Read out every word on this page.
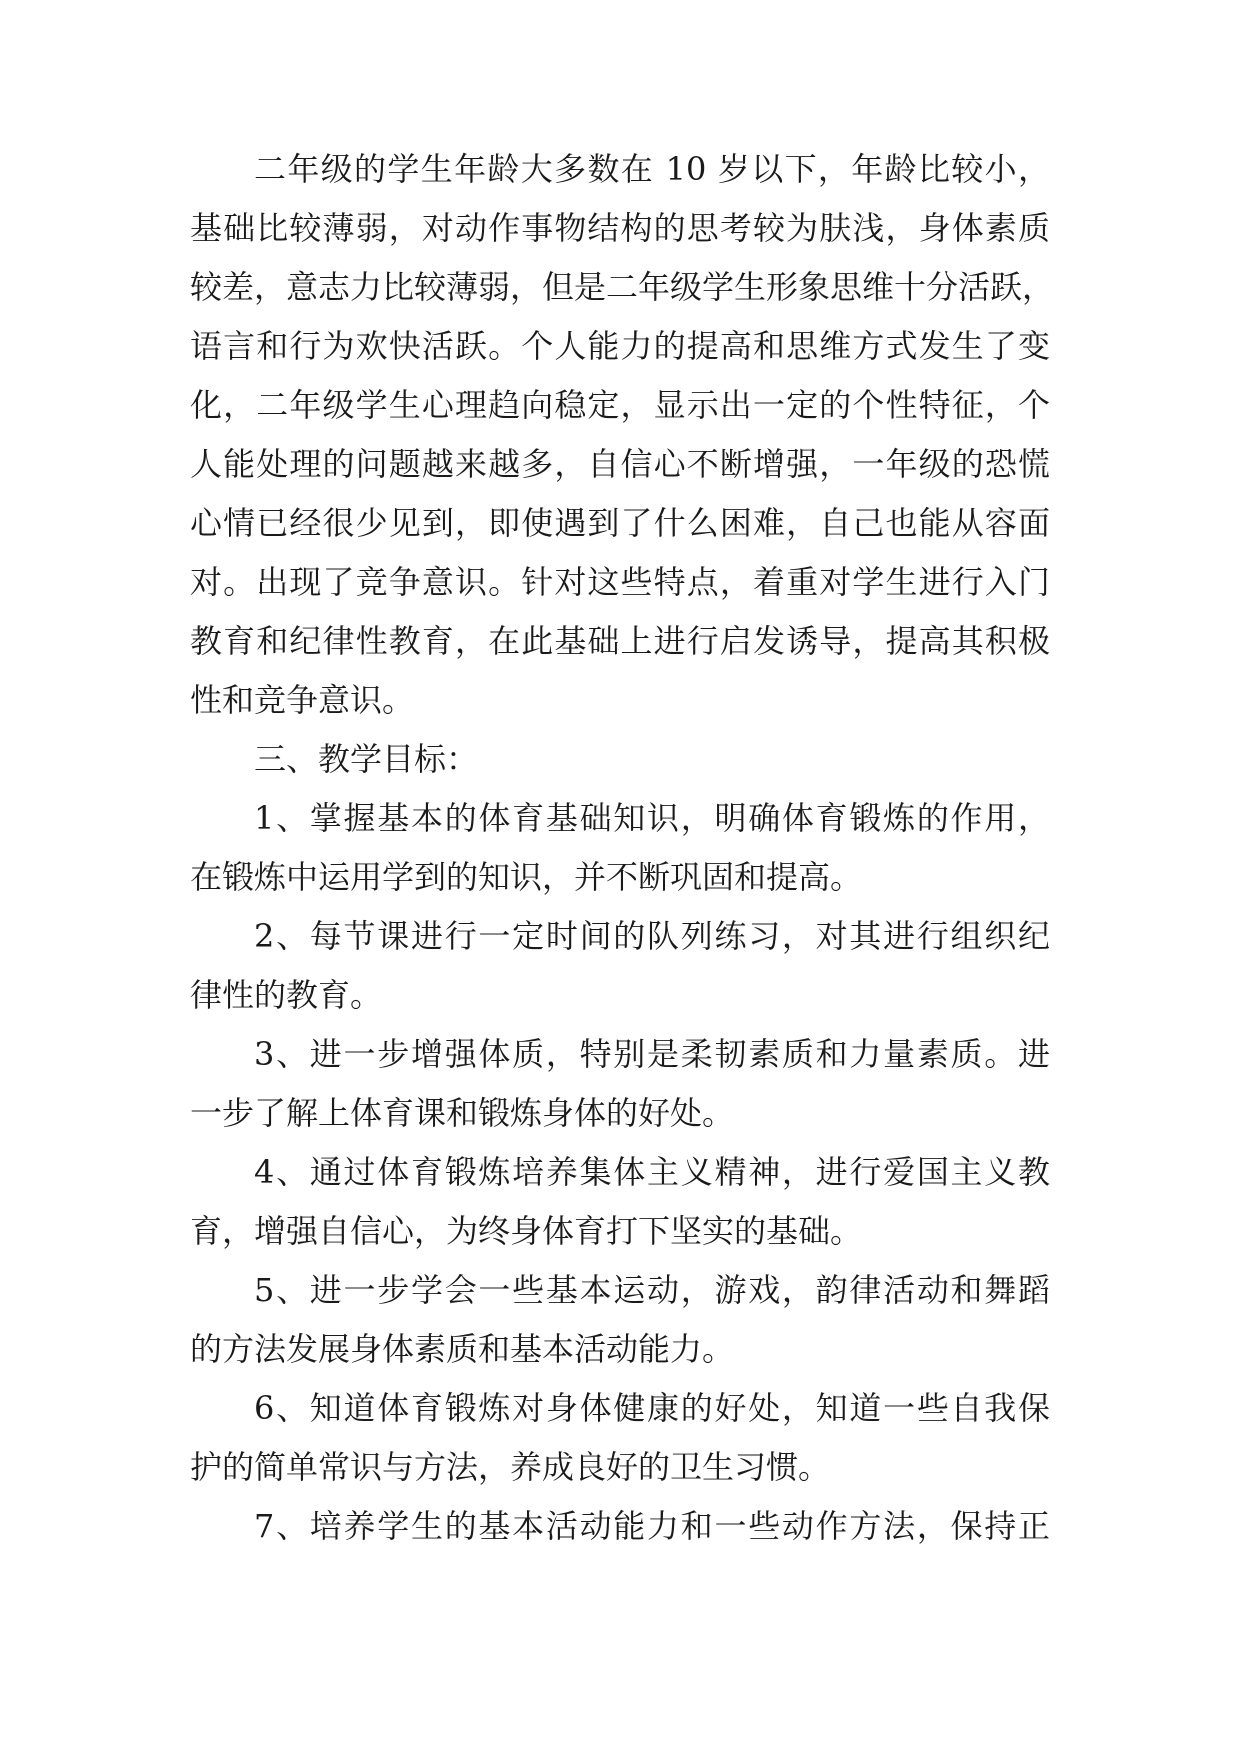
二年级的学生年龄大多数在 10 岁以下，年龄比较小，

基础比较薄弱，对动作事物结构的思考较为肤浅，身体素质

较差，意志力比较薄弱，但是二年级学生形象思维十分活跃，

语言和行为欢快活跃。个人能力的提高和思维方式发生了变

化，二年级学生心理趋向稳定，显示出一定的个性特征，个

人能处理的问题越来越多，自信心不断增强，一年级的恐慌

心情已经很少见到，即使遇到了什么困难，自己也能从容面

对。出现了竞争意识。针对这些特点，着重对学生进行入门

教育和纪律性教育，在此基础上进行启发诱导，提高其积极

性和竞争意识。

三、教学目标：

1、掌握基本的体育基础知识，明确体育锻炼的作用，

在锻炼中运用学到的知识，并不断巩固和提高。

2、每节课进行一定时间的队列练习，对其进行组织纪

律性的教育。

3、进一步增强体质，特别是柔韧素质和力量素质。进

一步了解上体育课和锻炼身体的好处。

4、通过体育锻炼培养集体主义精神，进行爱国主义教

育，增强自信心，为终身体育打下坚实的基础。

5、进一步学会一些基本运动，游戏，韵律活动和舞蹈

的方法发展身体素质和基本活动能力。

6、知道体育锻炼对身体健康的好处，知道一些自我保

护的简单常识与方法，养成良好的卫生习惯。

7、培养学生的基本活动能力和一些动作方法，保持正
